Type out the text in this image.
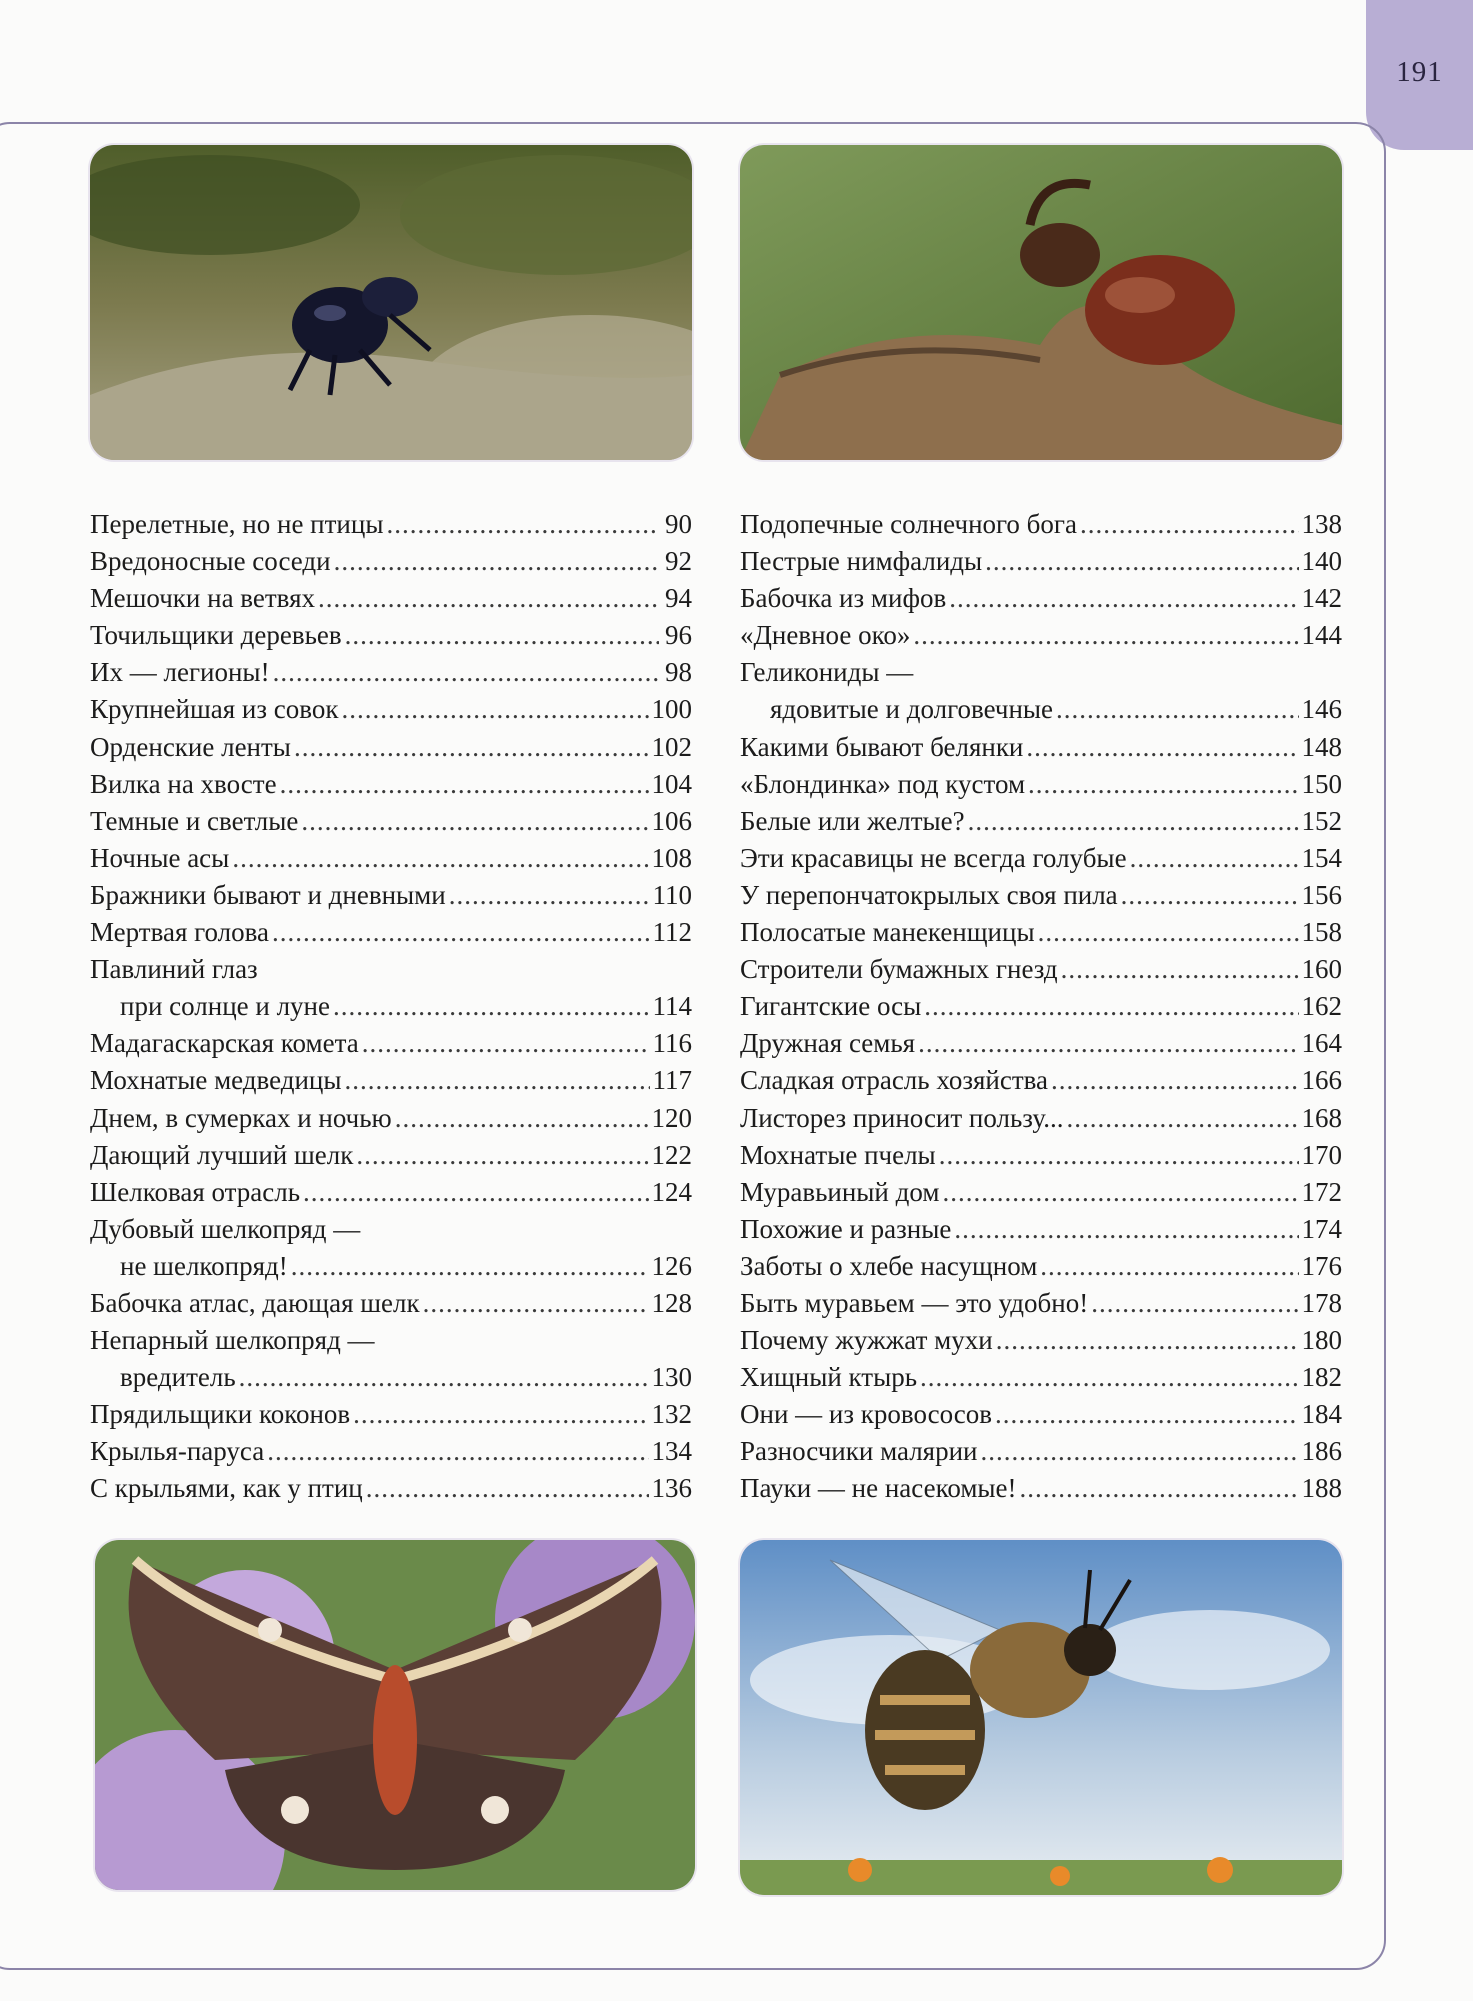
191
Перелетные, но не птицы .....	90
Вредоносные соседи .....	92
Мешочки на ветвях .....	94
Точильщики деревьев .....	96
Их — легионы! .....	98
Крупнейшая из совок .....	100
Орденские ленты .....	102
Вилка на хвосте .....	104
Темные и светлые .....	106
Ночные асы .....	108
Бражники бывают и дневными .....	110
Мертвая голова .....	112
Павлиний глаз
при солнце и луне .....	114
Мадагаскарская комета .....	116
Мохнатые медведицы .....	117
Днем, в сумерках и ночью .....	120
Дающий лучший шелк .....	122
Шелковая отрасль .....	124
Дубовый шелкопряд —
не шелкопряд! .....	126
Бабочка атлас, дающая шелк .....	128
Непарный шелкопряд —
вредитель .....	130
Прядильщики коконов .....	132
Крылья-паруса .....	134
С крыльями, как у птиц .....	136
Подопечные солнечного бога .....	138
Пестрые нимфалиды .....	140
Бабочка из мифов .....	142
«Дневное око» .....	144
Геликониды —
ядовитые и долговечные .....	146
Какими бывают белянки .....	148
«Блондинка» под кустом .....	150
Белые или желтые? .....	152
Эти красавицы не всегда голубые .....	154
У перепончатокрылых своя пила .....	156
Полосатые манекенщицы .....	158
Строители бумажных гнезд .....	160
Гигантские осы .....	162
Дружная семья .....	164
Сладкая отрасль хозяйства .....	166
Листорез приносит пользу... .....	168
Мохнатые пчелы .....	170
Муравьиный дом .....	172
Похожие и разные .....	174
Заботы о хлебе насущном .....	176
Быть муравьем — это удобно! .....	178
Почему жужжат мухи .....	180
Хищный ктырь .....	182
Они — из кровососов .....	184
Разносчики малярии .....	186
Пауки — не насекомые! .....	188
